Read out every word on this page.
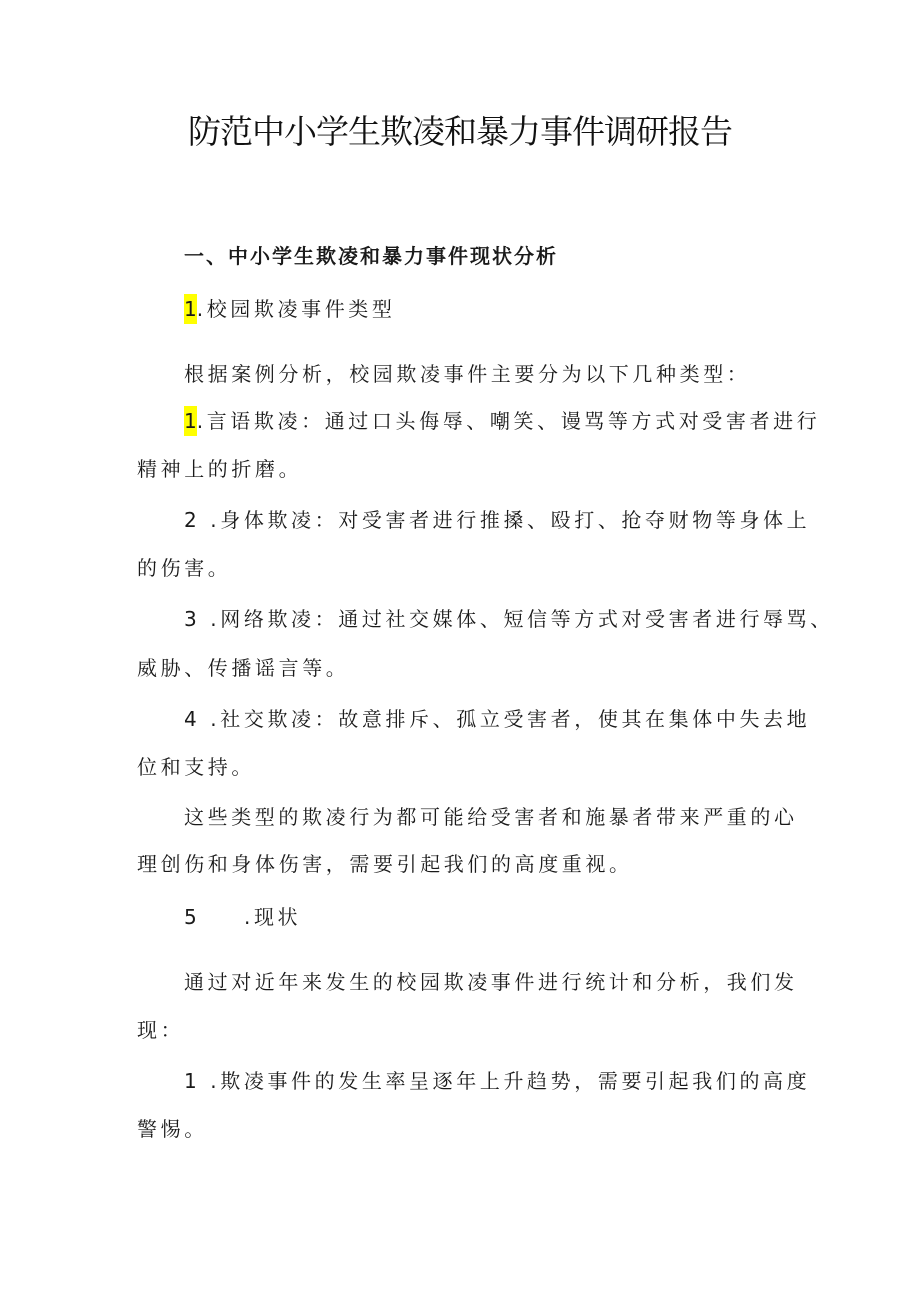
防范中小学生欺凌和暴力事件调研报告
一、中小学生欺凌和暴力事件现状分析
1.校园欺凌事件类型
根据案例分析，校园欺凌事件主要分为以下几种类型：
1.言语欺凌：通过口头侮辱、嘲笑、谩骂等方式对受害者进行
精神上的折磨。
2 .身体欺凌：对受害者进行推搡、殴打、抢夺财物等身体上
的伤害。
3 .网络欺凌：通过社交媒体、短信等方式对受害者进行辱骂、
威胁、传播谣言等。
4 .社交欺凌：故意排斥、孤立受害者，使其在集体中失去地
位和支持。
这些类型的欺凌行为都可能给受害者和施暴者带来严重的心
理创伤和身体伤害，需要引起我们的高度重视。
5 .现状
通过对近年来发生的校园欺凌事件进行统计和分析，我们发
现：
1 .欺凌事件的发生率呈逐年上升趋势，需要引起我们的高度
警惕。
